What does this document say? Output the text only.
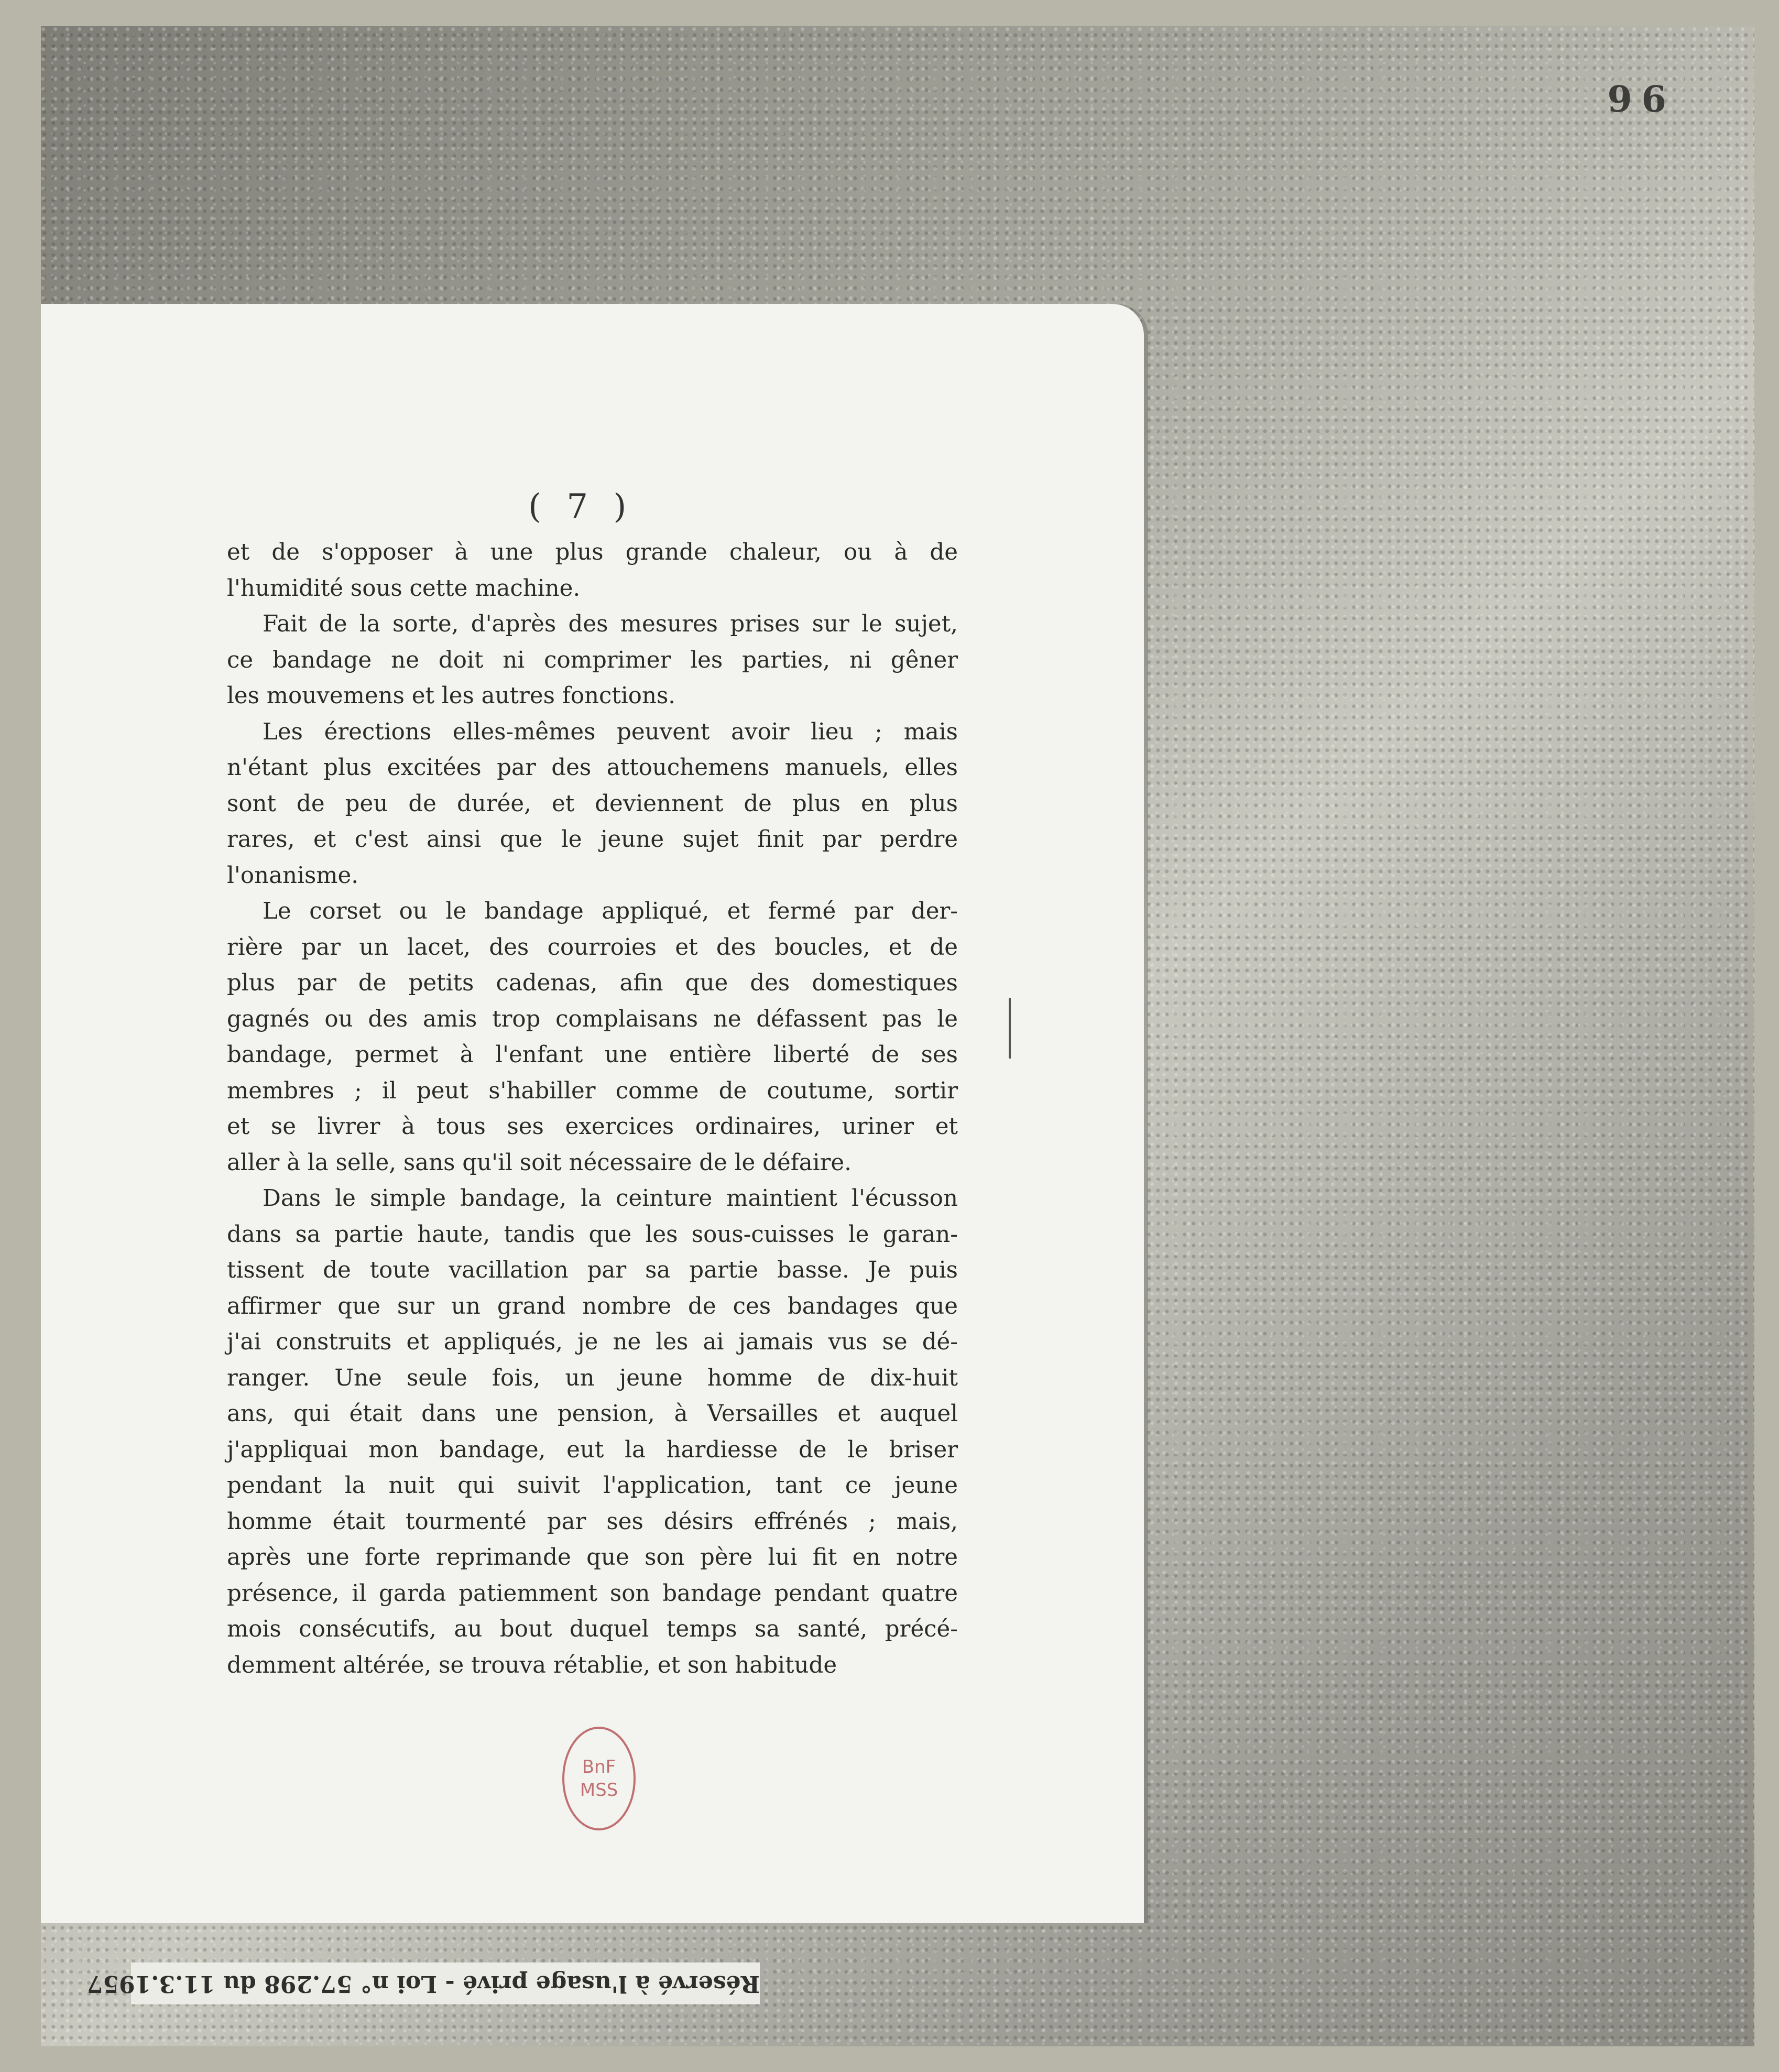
96
( 7 )
et de s'opposer à une plus grande chaleur, ou à de
l'humidité sous cette machine.
Fait de la sorte, d'après des mesures prises sur le sujet,
ce bandage ne doit ni comprimer les parties, ni gêner
les mouvemens et les autres fonctions.
Les érections elles-mêmes peuvent avoir lieu ; mais
n'étant plus excitées par des attouchemens manuels, elles
sont de peu de durée, et deviennent de plus en plus
rares, et c'est ainsi que le jeune sujet finit par perdre
l'onanisme.
Le corset ou le bandage appliqué, et fermé par der-
rière par un lacet, des courroies et des boucles, et de
plus par de petits cadenas, afin que des domestiques
gagnés ou des amis trop complaisans ne défassent pas le
bandage, permet à l'enfant une entière liberté de ses
membres ; il peut s'habiller comme de coutume, sortir
et se livrer à tous ses exercices ordinaires, uriner et
aller à la selle, sans qu'il soit nécessaire de le défaire.
Dans le simple bandage, la ceinture maintient l'écusson
dans sa partie haute, tandis que les sous-cuisses le garan-
tissent de toute vacillation par sa partie basse. Je puis
affirmer que sur un grand nombre de ces bandages que
j'ai construits et appliqués, je ne les ai jamais vus se dé-
ranger. Une seule fois, un jeune homme de dix-huit
ans, qui était dans une pension, à Versailles et auquel
j'appliquai mon bandage, eut la hardiesse de le briser
pendant la nuit qui suivit l'application, tant ce jeune
homme était tourmenté par ses désirs effrénés ; mais,
après une forte reprimande que son père lui fit en notre
présence, il garda patiemment son bandage pendant quatre
mois consécutifs, au bout duquel temps sa santé, précé-
demment altérée, se trouva rétablie, et son habitude
BnF
MSS
Réservé à l'usage privé - Loi n° 57.298 du 11.3.1957
